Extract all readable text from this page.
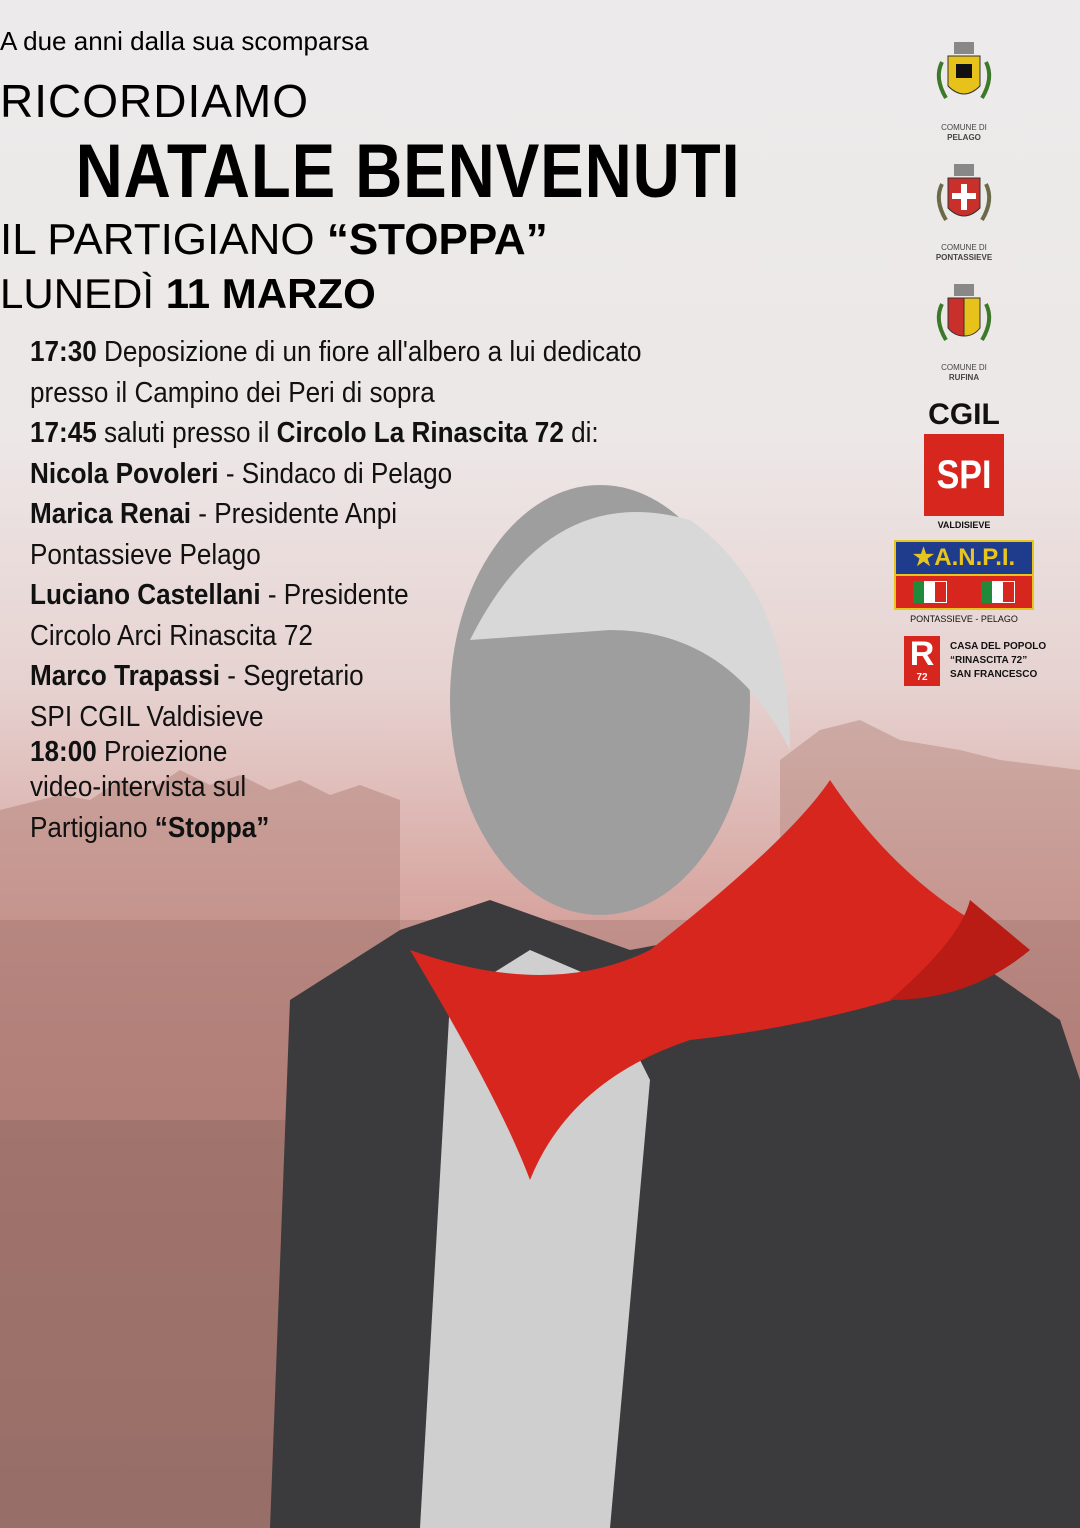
A due anni dalla sua scomparsa
RICORDIAMO
NATALE BENVENUTI
IL PARTIGIANO “STOPPA”
LUNEDÌ 11 MARZO
17:30 Deposizione di un fiore all'albero a lui dedicato
presso il Campino dei Peri di sopra
17:45 saluti presso il Circolo La Rinascita 72 di:
Nicola Povoleri - Sindaco di Pelago
Marica Renai - Presidente Anpi
Pontassieve Pelago
Luciano Castellani - Presidente
Circolo Arci Rinascita 72
Marco Trapassi - Segretario
SPI CGIL Valdisieve
18:00 Proiezione
video-intervista sul
Partigiano “Stoppa”
COMUNE DI
PELAGO
COMUNE DI
PONTASSIEVE
COMUNE DI
RUFINA
CGIL
SPI
VALDISIEVE
★A.N.P.I.
PONTASSIEVE - PELAGO
R
72
CASA DEL POPOLO
“RINASCITA 72”
SAN FRANCESCO
